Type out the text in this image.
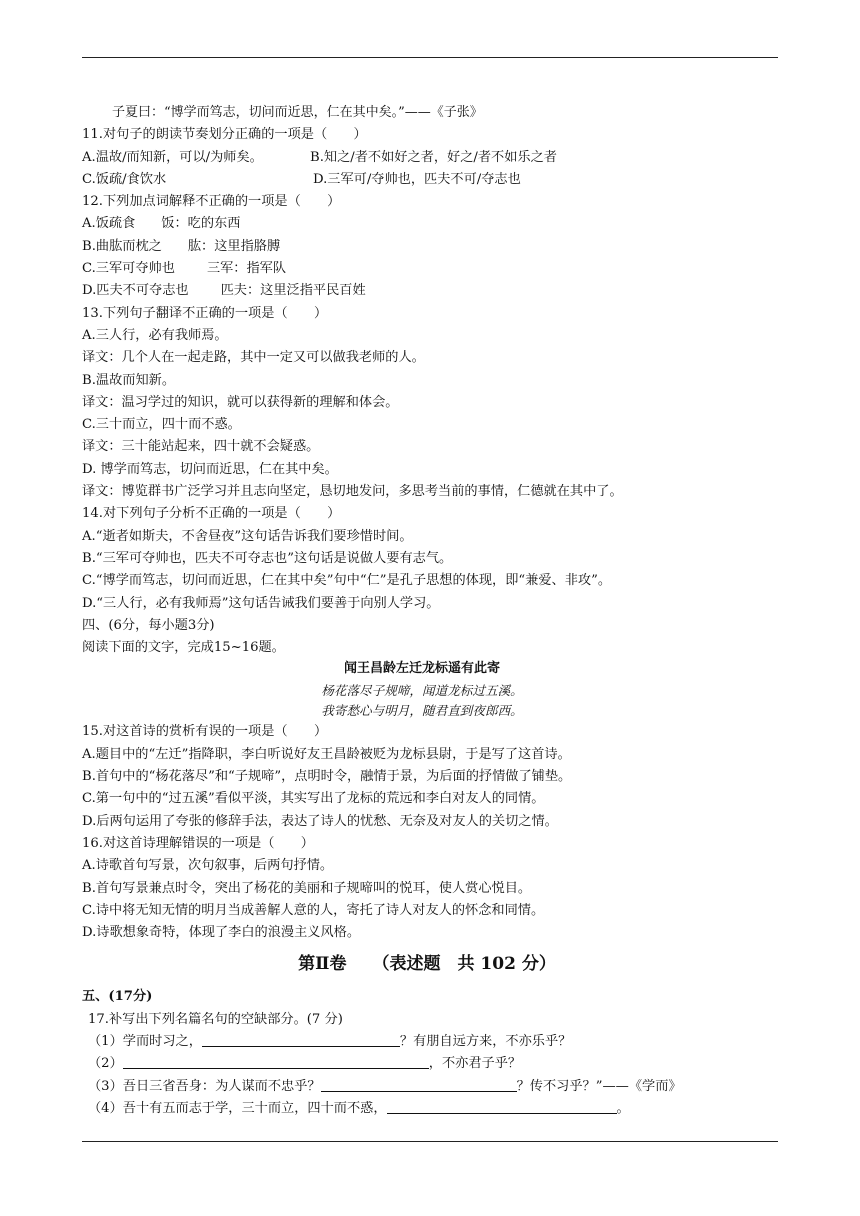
子夏曰：“博学而笃志，切问而近思，仁在其中矣。”——《子张》
11.对句子的朗读节奏划分正确的一项是（　　）
A.温故/而知新，可以/为师矣。	B.知之/者不如好之者，好之/者不如乐之者
C.饭疏/食饮水	D.三军可/夺帅也，匹夫不可/夺志也
12.下列加点词解释不正确的一项是（　　）
A.饭疏食 饭：吃的东西
B.曲肱而枕之 肱：这里指胳膊
C.三军可夺帅也 三军：指军队
D.匹夫不可夺志也 匹夫：这里泛指平民百姓
13.下列句子翻译不正确的一项是（　　）
A.三人行，必有我师焉。
译文：几个人在一起走路，其中一定又可以做我老师的人。
B.温故而知新。
译文：温习学过的知识，就可以获得新的理解和体会。
C.三十而立，四十而不惑。
译文：三十能站起来，四十就不会疑惑。
D. 博学而笃志，切问而近思，仁在其中矣。
译文：博览群书广泛学习并且志向坚定，恳切地发问，多思考当前的事情，仁德就在其中了。
14.对下列句子分析不正确的一项是（　　）
A.“逝者如斯夫，不舍昼夜”这句话告诉我们要珍惜时间。
B.“三军可夺帅也，匹夫不可夺志也”这句话是说做人要有志气。
C.“博学而笃志，切问而近思，仁在其中矣”句中“仁”是孔子思想的体现，即“兼爱、非攻”。
D.“三人行，必有我师焉”这句话告诫我们要善于向别人学习。
四、(6分，每小题3分)
阅读下面的文字，完成15~16题。
闻王昌龄左迁龙标遥有此寄
杨花落尽子规啼，闻道龙标过五溪。
我寄愁心与明月，随君直到夜郎西。
15.对这首诗的赏析有误的一项是（　　）
A.题目中的“左迁”指降职，李白听说好友王昌龄被贬为龙标县尉，于是写了这首诗。
B.首句中的“杨花落尽”和“子规啼”，点明时令，融情于景，为后面的抒情做了铺垫。
C.第一句中的“过五溪”看似平淡，其实写出了龙标的荒远和李白对友人的同情。
D.后两句运用了夸张的修辞手法，表达了诗人的忧愁、无奈及对友人的关切之情。
16.对这首诗理解错误的一项是（　　）
A.诗歌首句写景，次句叙事，后两句抒情。
B.首句写景兼点时令，突出了杨花的美丽和子规啼叫的悦耳，使人赏心悦目。
C.诗中将无知无情的明月当成善解人意的人，寄托了诗人对友人的怀念和同情。
D.诗歌想象奇特，体现了李白的浪漫主义风格。
第Ⅱ卷 （表述题　共 102 分）
五、(17分)
17.补写出下列名篇名句的空缺部分。(7 分)
（1）学而时习之，	？有朋自远方来，不亦乐乎？
（2）	，不亦君子乎？
（3）吾日三省吾身：为人谋而不忠乎？	？传不习乎？”——《学而》
（4）吾十有五而志于学，三十而立，四十而不惑，	。
